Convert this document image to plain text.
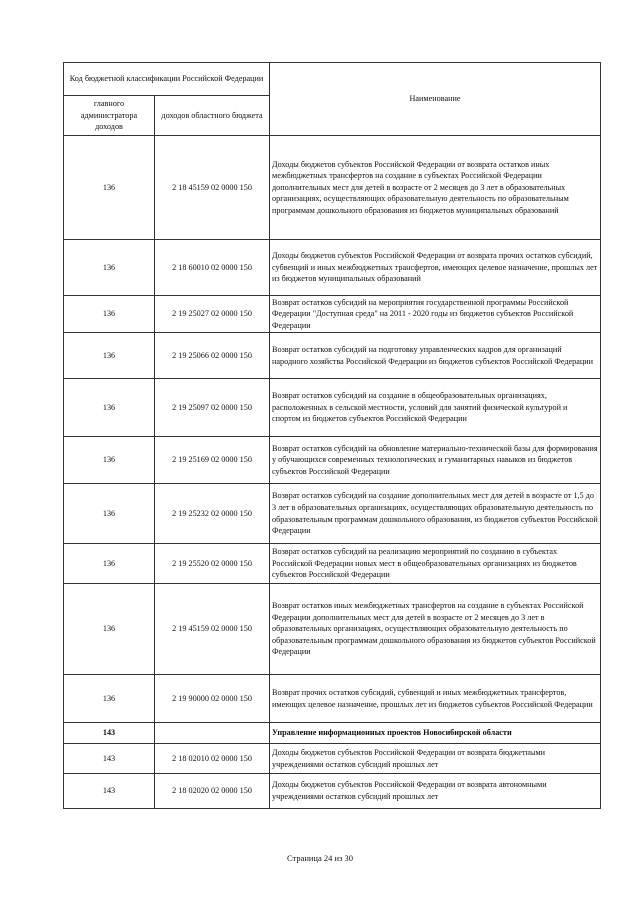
Код бюджетной классификации Российской Федерации		Наименование
главного администратора доходов	доходов областного бюджета	
136	2 18 45159 02 0000 150	Доходы бюджетов субъектов Российской Федерации от возврата остатков иных межбюджетных трансфертов на создание в субъектах Российской Федерации дополнительных мест для детей в возрасте от 2 месяцев до 3 лет в образовательных организациях, осуществляющих образовательную деятельность по образовательным программам дошкольного образования из бюджетов муниципальных образований
136	2 18 60010 02 0000 150	Доходы бюджетов субъектов Российской Федерации от возврата прочих остатков субсидий, субвенций и иных межбюджетных трансфертов, имеющих целевое назначение, прошлых лет из бюджетов муниципальных образований
136	2 19 25027 02 0000 150	Возврат остатков субсидий на мероприятия государственной программы Российской Федерации "Доступная среда" на 2011 - 2020 годы из бюджетов субъектов Российской Федерации
136	2 19 25066 02 0000 150	Возврат остатков субсидий на подготовку управленческих кадров для организаций народного хозяйства Российской Федерации из бюджетов субъектов Российской Федерации
136	2 19 25097 02 0000 150	Возврат остатков субсидий на создание в общеобразовательных организациях, расположенных в сельской местности, условий для занятий физической культурой и спортом из бюджетов субъектов Российской Федерации
136	2 19 25169 02 0000 150	Возврат остатков субсидий на обновление материально-технической базы для формирования у обучающихся современных технологических и гуманитарных навыков из бюджетов субъектов Российской Федерации
136	2 19 25232 02 0000 150	Возврат остатков субсидий на создание дополнительных мест для детей в возрасте от 1,5 до 3 лет в образовательных организациях, осуществляющих образовательную деятельность по образовательным программам дошкольного образования, из бюджетов субъектов Российской Федерации
136	2 19 25520 02 0000 150	Возврат остатков субсидий на реализацию мероприятий по созданию в субъектах Российской Федерации новых мест в общеобразовательных организациях из бюджетов субъектов Российской Федерации
136	2 19 45159 02 0000 150	Возврат остатков иных межбюджетных трансфертов на создание в субъектах Российской Федерации дополнительных мест для детей в возрасте от 2 месяцев до 3 лет в образовательных организациях, осуществляющих образовательную деятельность по образовательным программам дошкольного образования из бюджетов субъектов Российской Федерации
136	2 19 90000 02 0000 150	Возврат прочих остатков субсидий, субвенций и иных межбюджетных трансфертов, имеющих целевое назначение, прошлых лет из бюджетов субъектов Российской Федерации
143		Управление информационных проектов Новосибирской области
143	2 18 02010 02 0000 150	Доходы бюджетов субъектов Российской Федерации от возврата бюджетными учреждениями остатков субсидий прошлых лет
143	2 18 02020 02 0000 150	Доходы бюджетов субъектов Российской Федерации от возврата автономными учреждениями остатков субсидий прошлых лет
Страница 24 из 30
